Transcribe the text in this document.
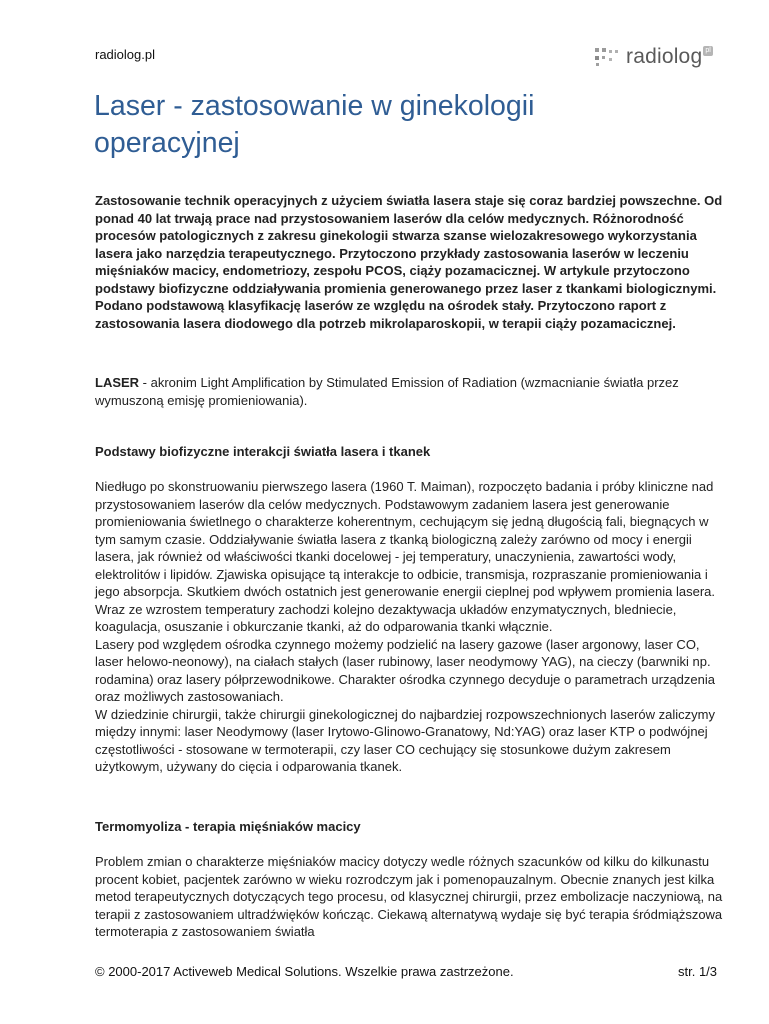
radiolog.pl	radiolog pl
Laser - zastosowanie w ginekologii operacyjnej

Zastosowanie technik operacyjnych z użyciem światła lasera staje się coraz bardziej powszechne. Od ponad 40 lat trwają prace nad przystosowaniem laserów dla celów medycznych. Różnorodność procesów patologicznych z zakresu ginekologii stwarza szanse wielozakresowego wykorzystania lasera jako narzędzia terapeutycznego. Przytoczono przykłady zastosowania laserów w leczeniu mięśniaków macicy, endometriozy, zespołu PCOS, ciąży pozamacicznej. W artykule przytoczono podstawy biofizyczne oddziaływania promienia generowanego przez laser z tkankami biologicznymi. Podano podstawową klasyfikację laserów ze względu na ośrodek stały. Przytoczono raport z zastosowania lasera diodowego dla potrzeb mikrolaparoskopii, w terapii ciąży pozamacicznej.

LASER - akronim Light Amplification by Stimulated Emission of Radiation (wzmacnianie światła przez wymuszoną emisję promieniowania).

Podstawy biofizyczne interakcji światła lasera i tkanek

Niedługo po skonstruowaniu pierwszego lasera (1960 T. Maiman), rozpoczęto badania i próby kliniczne nad przystosowaniem laserów dla celów medycznych. Podstawowym zadaniem lasera jest generowanie promieniowania świetlnego o charakterze koherentnym, cechującym się jedną długością fali, biegnących w tym samym czasie. Oddziaływanie światła lasera z tkanką biologiczną zależy zarówno od mocy i energii lasera, jak również od właściwości tkanki docelowej - jej temperatury, unaczynienia, zawartości wody, elektrolitów i lipidów. Zjawiska opisujące tą interakcje to odbicie, transmisja, rozpraszanie promieniowania i jego absorpcja. Skutkiem dwóch ostatnich jest generowanie energii cieplnej pod wpływem promienia lasera. Wraz ze wzrostem temperatury zachodzi kolejno dezaktywacja układów enzymatycznych, bledniecie, koagulacja, osuszanie i obkurczanie tkanki, aż do odparowania tkanki włącznie.

Lasery pod względem ośrodka czynnego możemy podzielić na lasery gazowe (laser argonowy, laser CO, laser helowo-neonowy), na ciałach stałych (laser rubinowy, laser neodymowy YAG), na cieczy (barwniki np. rodamina) oraz lasery półprzewodnikowe. Charakter ośrodka czynnego decyduje o parametrach urządzenia oraz możliwych zastosowaniach.

W dziedzinie chirurgii, także chirurgii ginekologicznej do najbardziej rozpowszechnionych laserów zaliczymy między innymi: laser Neodymowy (laser Irytowo-Glinowo-Granatowy, Nd:YAG) oraz laser KTP o podwójnej częstotliwości - stosowane w termoterapii, czy laser CO cechujący się stosunkowe dużym zakresem użytkowym, używany do cięcia i odparowania tkanek.

Termomyoliza - terapia mięśniaków macicy

Problem zmian o charakterze mięśniaków macicy dotyczy wedle różnych szacunków od kilku do kilkunastu procent kobiet, pacjentek zarówno w wieku rozrodczym jak i pomenopauzalnym. Obecnie znanych jest kilka metod terapeutycznych dotyczących tego procesu, od klasycznej chirurgii, przez embolizacje naczyniową, na terapii z zastosowaniem ultradźwięków kończąc. Ciekawą alternatywą wydaje się być terapia śródmiąższowa termoterapia z zastosowaniem światła

© 2000-2017 Activeweb Medical Solutions. Wszelkie prawa zastrzeżone.	str. 1/3
